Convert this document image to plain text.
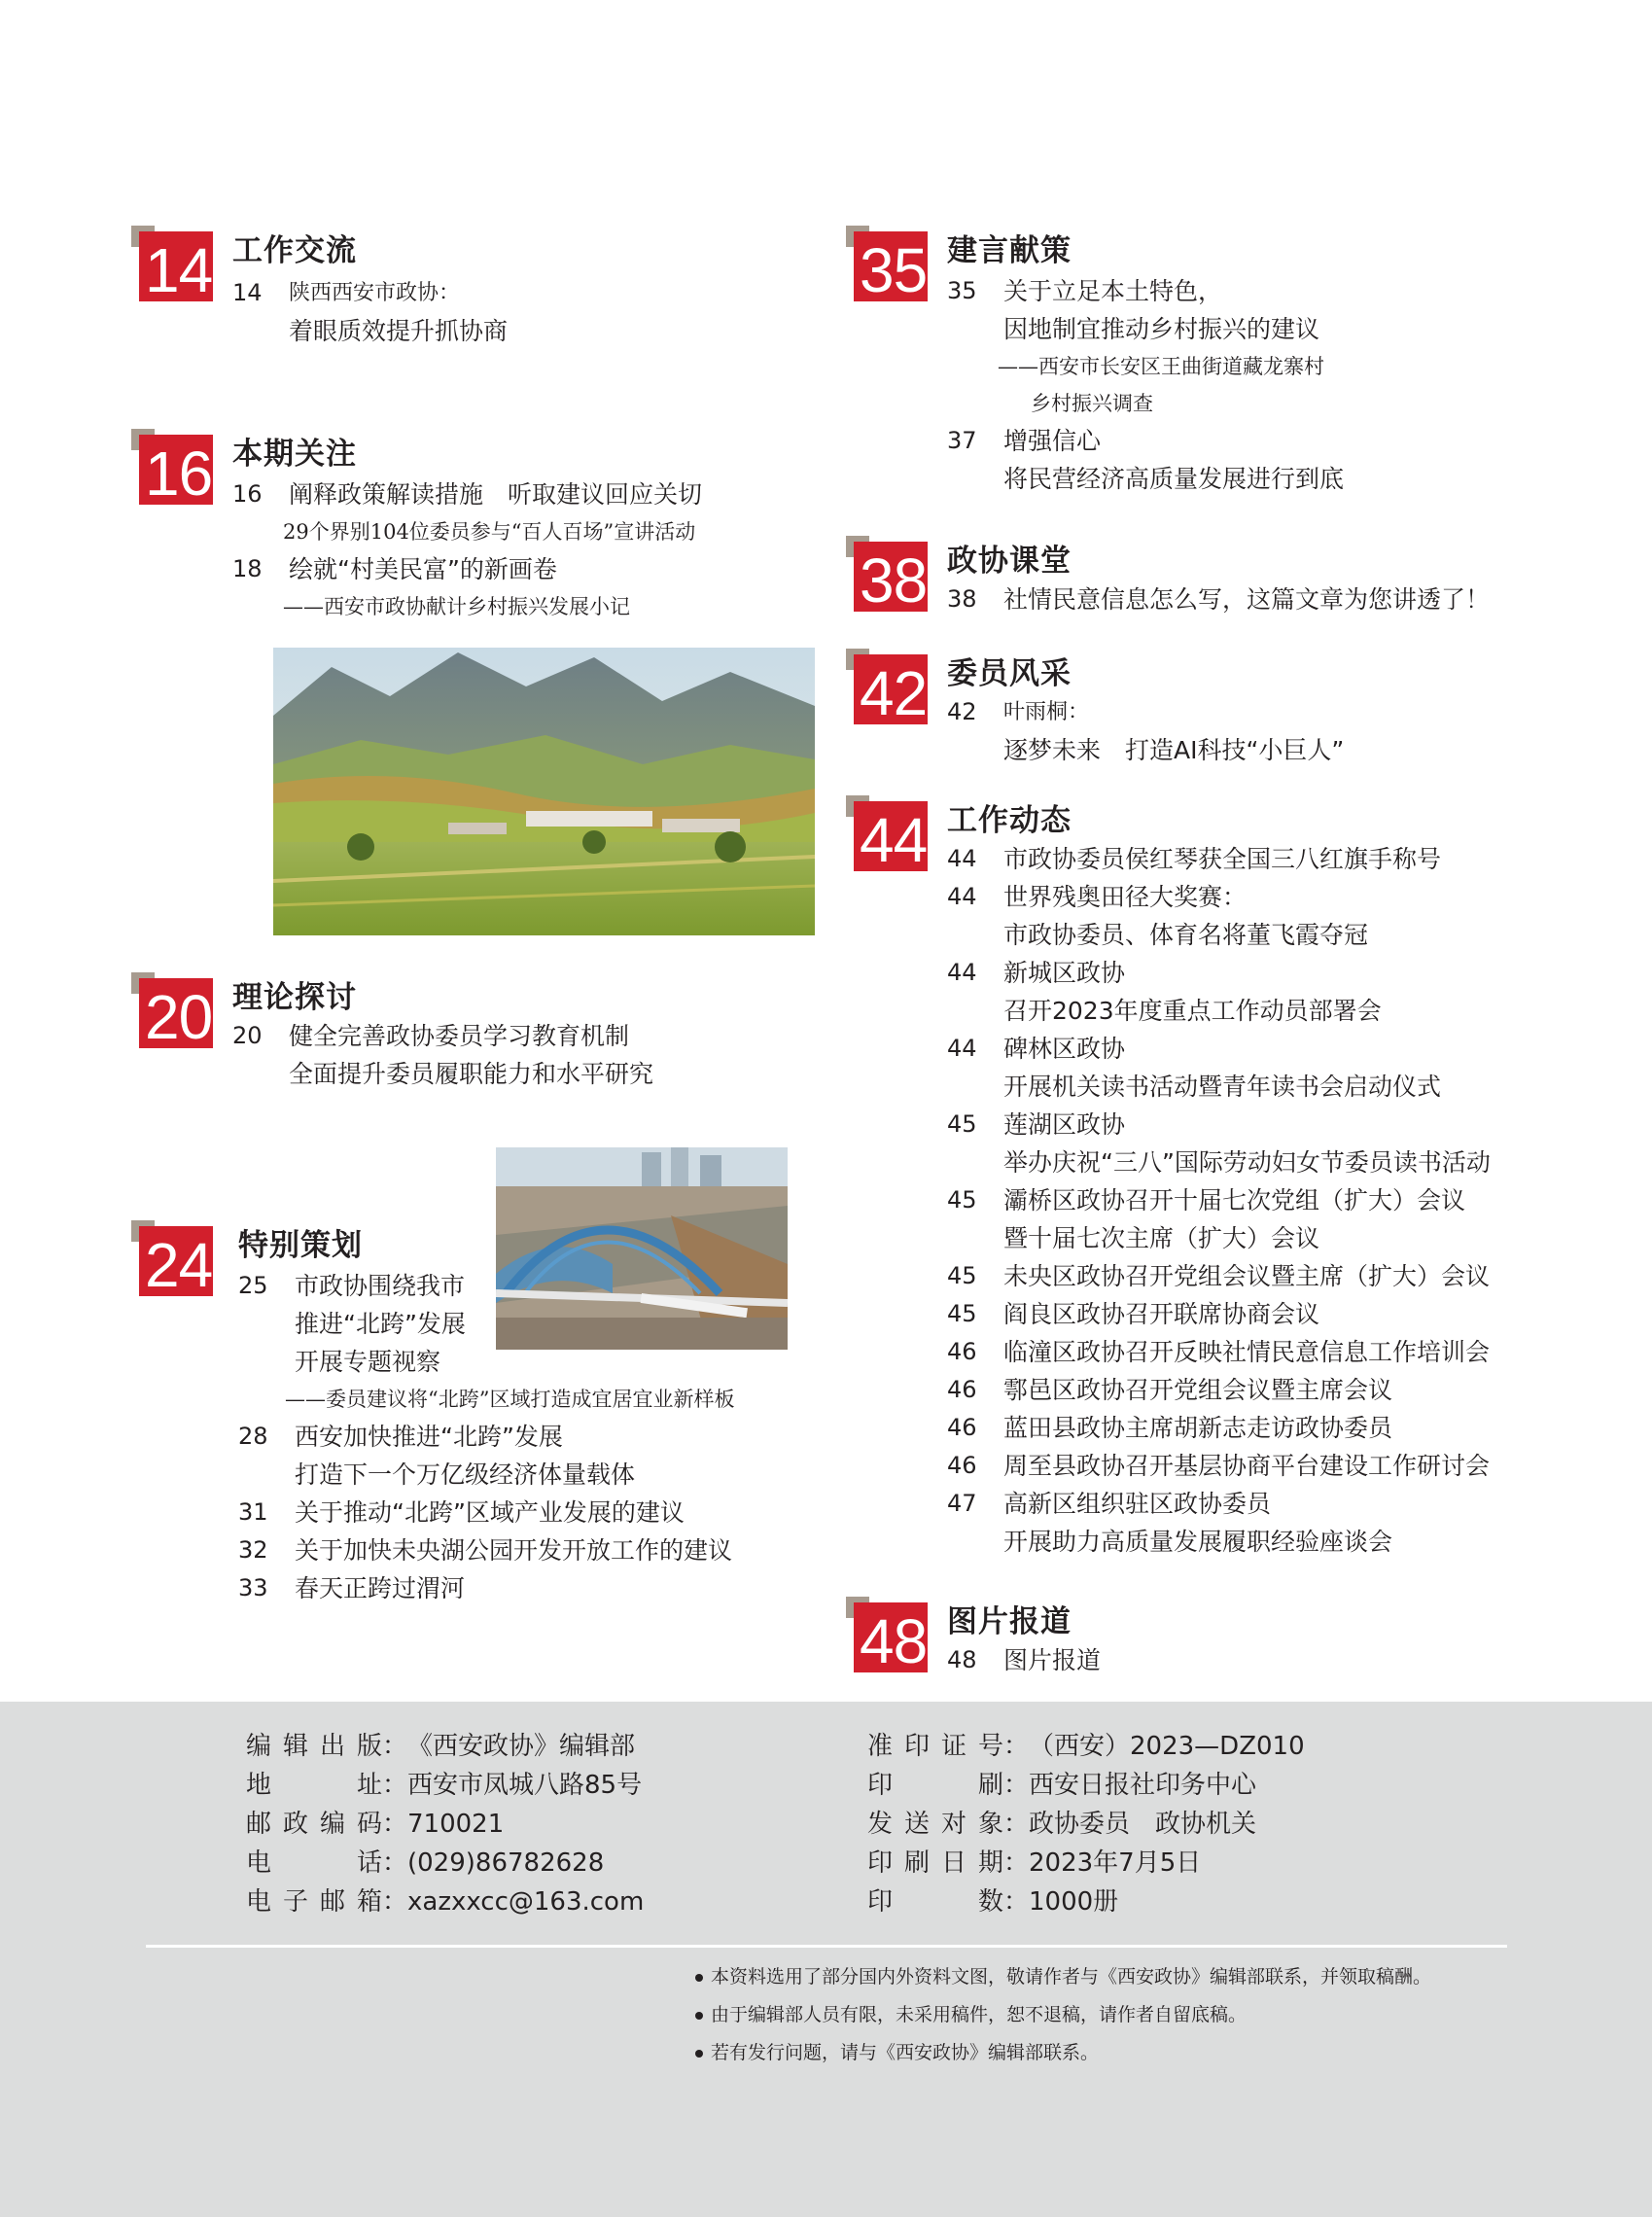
14 工作交流
14 陕西西安市政协：
着眼质效提升抓协商
16 本期关注
16 阐释政策解读措施　听取建议回应关切
29个界别104位委员参与“百人百场”宣讲活动
18 绘就“村美民富”的新画卷
——西安市政协献计乡村振兴发展小记
20 理论探讨
20 健全完善政协委员学习教育机制
全面提升委员履职能力和水平研究
24 特别策划
25 市政协围绕我市
推进“北跨”发展
开展专题视察
——委员建议将“北跨”区域打造成宜居宜业新样板
28 西安加快推进“北跨”发展
打造下一个万亿级经济体量载体
31 关于推动“北跨”区域产业发展的建议
32 关于加快未央湖公园开发开放工作的建议
33 春天正跨过渭河
35 建言献策
35 关于立足本土特色，
因地制宜推动乡村振兴的建议
——西安市长安区王曲街道藏龙寨村
乡村振兴调查
37 增强信心
将民营经济高质量发展进行到底
38 政协课堂
38 社情民意信息怎么写，这篇文章为您讲透了！
42 委员风采
42 叶雨桐：
逐梦未来　打造AI科技“小巨人”
44 工作动态
44 市政协委员侯红琴获全国三八红旗手称号
44 世界残奥田径大奖赛：
市政协委员、体育名将董飞霞夺冠
44 新城区政协
召开2023年度重点工作动员部署会
44 碑林区政协
开展机关读书活动暨青年读书会启动仪式
45 莲湖区政协
举办庆祝“三八”国际劳动妇女节委员读书活动
45 灞桥区政协召开十届七次党组（扩大）会议
暨十届七次主席（扩大）会议
45 未央区政协召开党组会议暨主席（扩大）会议
45 阎良区政协召开联席协商会议
46 临潼区政协召开反映社情民意信息工作培训会
46 鄠邑区政协召开党组会议暨主席会议
46 蓝田县政协主席胡新志走访政协委员
46 周至县政协召开基层协商平台建设工作研讨会
47 高新区组织驻区政协委员
开展助力高质量发展履职经验座谈会
48 图片报道
48 图片报道
编辑出版：《西安政协》编辑部
地址：西安市凤城八路85号
邮政编码：710021
电话：(029)86782628
电子邮箱：xazxxcc@163.com
准印证号：（西安）2023—DZ010
印刷：西安日报社印务中心
发送对象：政协委员　政协机关
印刷日期：2023年7月5日
印数：1000册
本资料选用了部分国内外资料文图，敬请作者与《西安政协》编辑部联系，并领取稿酬。
由于编辑部人员有限，未采用稿件，恕不退稿，请作者自留底稿。
若有发行问题，请与《西安政协》编辑部联系。
